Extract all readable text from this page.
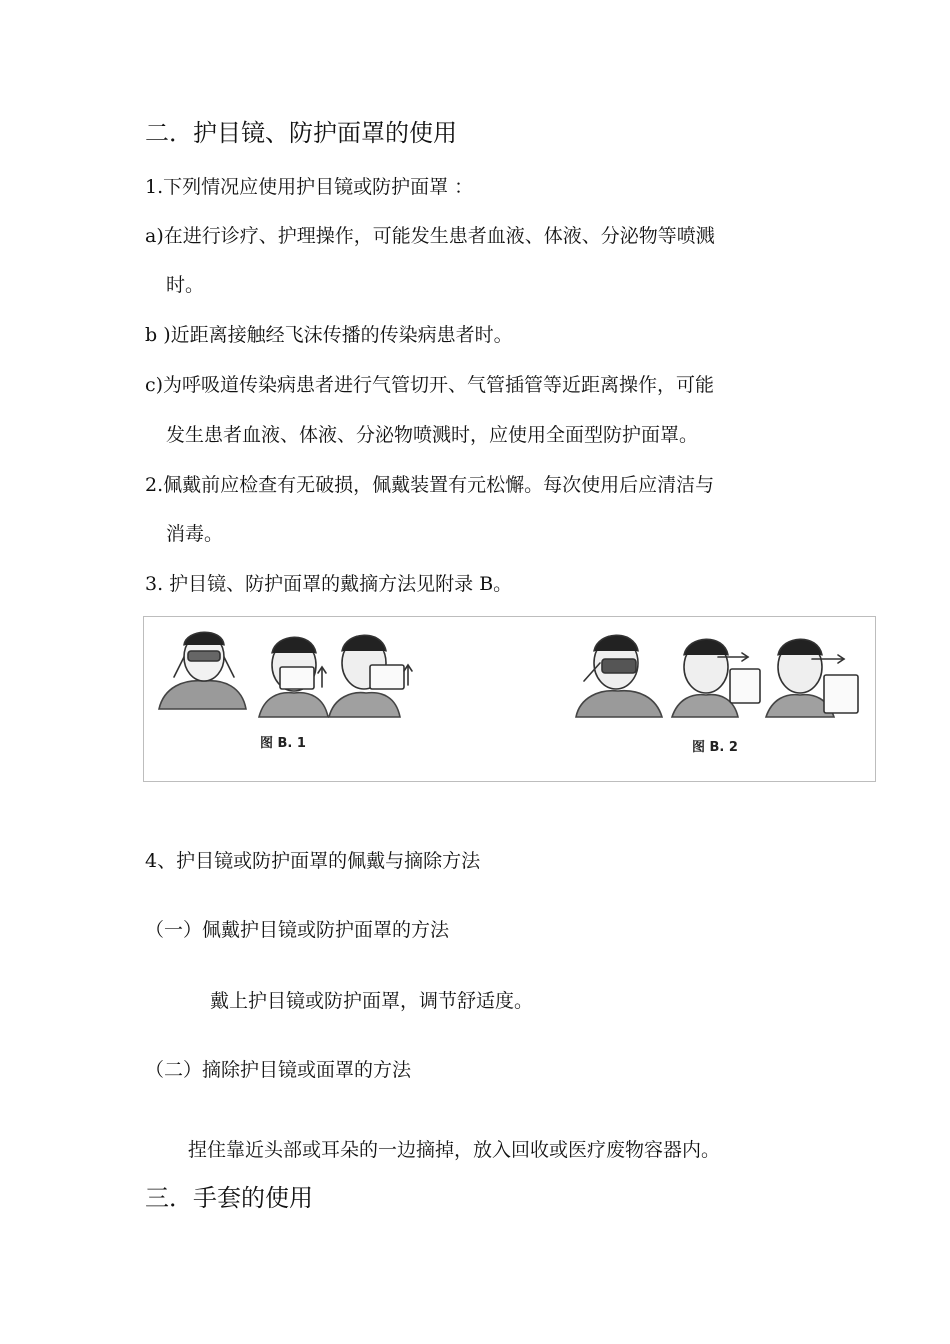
二．护目镜、防护面罩的使用
1.下列情况应使用护目镜或防护面罩 ：
a)在进行诊疗、护理操作，可能发生患者血液、体液、分泌物等喷溅
时。
b )近距离接触经飞沫传播的传染病患者时。
c)为呼吸道传染病患者进行气管切开、气管插管等近距离操作，可能
发生患者血液、体液、分泌物喷溅时，应使用全面型防护面罩。
2.佩戴前应检查有无破损，佩戴装置有元松懈。每次使用后应清洁与
消毒。
3. 护目镜、防护面罩的戴摘方法见附录 B。
图 B. 1	图 B. 2
4、护目镜或防护面罩的佩戴与摘除方法
（一）佩戴护目镜或防护面罩的方法
戴上护目镜或防护面罩，调节舒适度。
（二）摘除护目镜或面罩的方法
捏住靠近头部或耳朵的一边摘掉，放入回收或医疗废物容器内。
三．手套的使用
